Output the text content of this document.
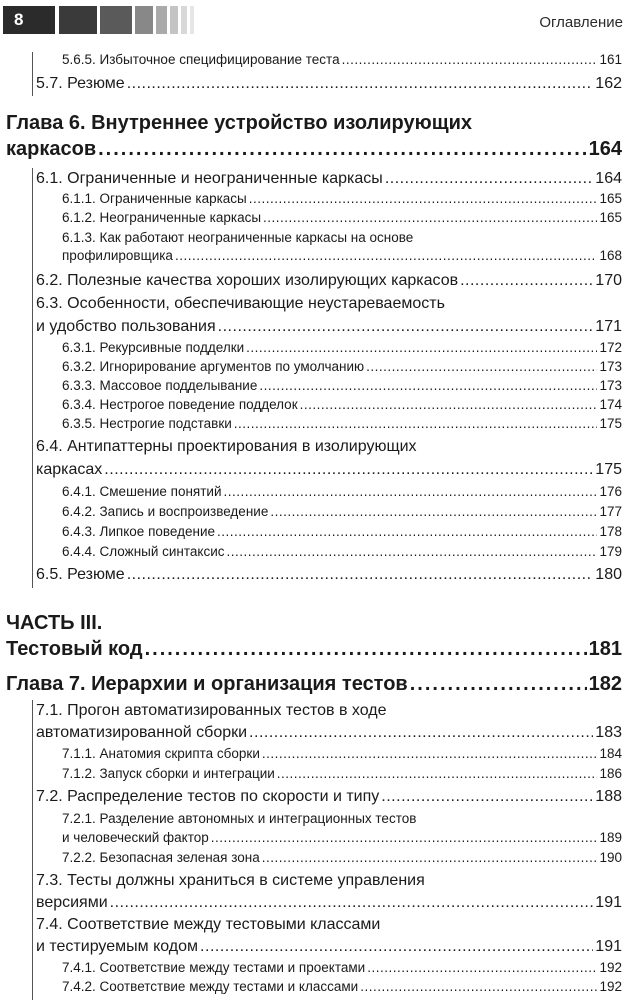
8	Оглавление
5.6.5. Избыточное специфицирование теста .....	161
5.7. Резюме .....	162
Глава 6. Внутреннее устройство изолирующих
каркасов .....	164
6.1. Ограниченные и неограниченные каркасы .....	164
6.1.1. Ограниченные каркасы .....	165
6.1.2. Неограниченные каркасы .....	165
6.1.3. Как работают неограниченные каркасы на основе
профилировщика .....	168
6.2. Полезные качества хороших изолирующих каркасов .....	170
6.3. Особенности, обеспечивающие неустареваемость
и удобство пользования .....	171
6.3.1. Рекурсивные подделки .....	172
6.3.2. Игнорирование аргументов по умолчанию .....	173
6.3.3. Массовое подделывание .....	173
6.3.4. Нестрогое поведение подделок .....	174
6.3.5. Нестрогие подставки .....	175
6.4. Антипаттерны проектирования в изолирующих
каркасах .....	175
6.4.1. Смешение понятий .....	176
6.4.2. Запись и воспроизведение .....	177
6.4.3. Липкое поведение .....	178
6.4.4. Сложный синтаксис .....	179
6.5. Резюме .....	180
ЧАСТЬ III.
Тестовый код .....	181
Глава 7. Иерархии и организация тестов .....	182
7.1. Прогон автоматизированных тестов в ходе
автоматизированной сборки .....	183
7.1.1. Анатомия скрипта сборки .....	184
7.1.2. Запуск сборки и интеграции .....	186
7.2. Распределение тестов по скорости и типу .....	188
7.2.1. Разделение автономных и интеграционных тестов
и человеческий фактор .....	189
7.2.2. Безопасная зеленая зона .....	190
7.3. Тесты должны храниться в системе управления
версиями .....	191
7.4. Соответствие между тестовыми классами
и тестируемым кодом .....	191
7.4.1. Соответствие между тестами и проектами .....	192
7.4.2. Соответствие между тестами и классами .....	192
